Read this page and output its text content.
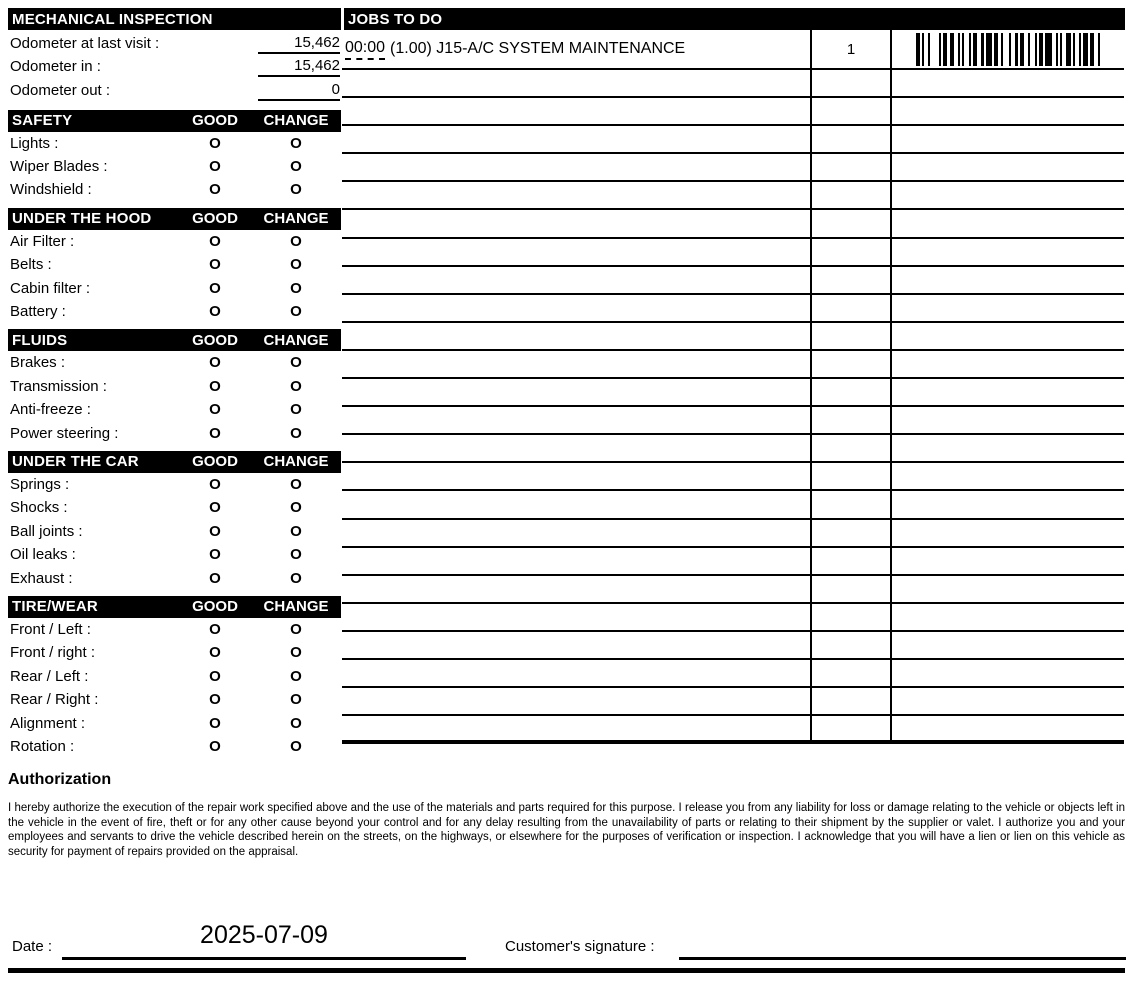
MECHANICAL INSPECTION
Odometer at last visit :	15,462
Odometer in :	15,462
Odometer out :	0
SAFETY	GOOD	CHANGE
Lights :	O	O
Wiper Blades :	O	O
Windshield :	O	O
UNDER THE HOOD	GOOD	CHANGE
Air Filter :	O	O
Belts :	O	O
Cabin filter :	O	O
Battery :	O	O
FLUIDS	GOOD	CHANGE
Brakes :	O	O
Transmission :	O	O
Anti-freeze :	O	O
Power steering :	O	O
UNDER THE CAR	GOOD	CHANGE
Springs :	O	O
Shocks :	O	O
Ball joints :	O	O
Oil leaks :	O	O
Exhaust :	O	O
TIRE/WEAR	GOOD	CHANGE
Front / Left :	O	O
Front / right :	O	O
Rear / Left :	O	O
Rear / Right :	O	O
Alignment :	O	O
Rotation :	O	O
JOBS TO DO
00:00 (1.00) J15-A/C SYSTEM MAINTENANCE	1
Authorization

I hereby authorize the execution of the repair work specified above and the use of the materials and parts required for this purpose. I release you from any liability for loss or damage relating to the vehicle or objects left in the vehicle in the event of fire, theft or for any other cause beyond your control and for any delay resulting from the unavailability of parts or relating to their shipment by the supplier or valet. I authorize you and your employees and servants to drive the vehicle described herein on the streets, on the highways, or elsewhere for the purposes of verification or inspection. I acknowledge that you will have a lien or lien on this vehicle as security for payment of repairs provided on the appraisal.

Date :	2025-07-09	Customer's signature :
